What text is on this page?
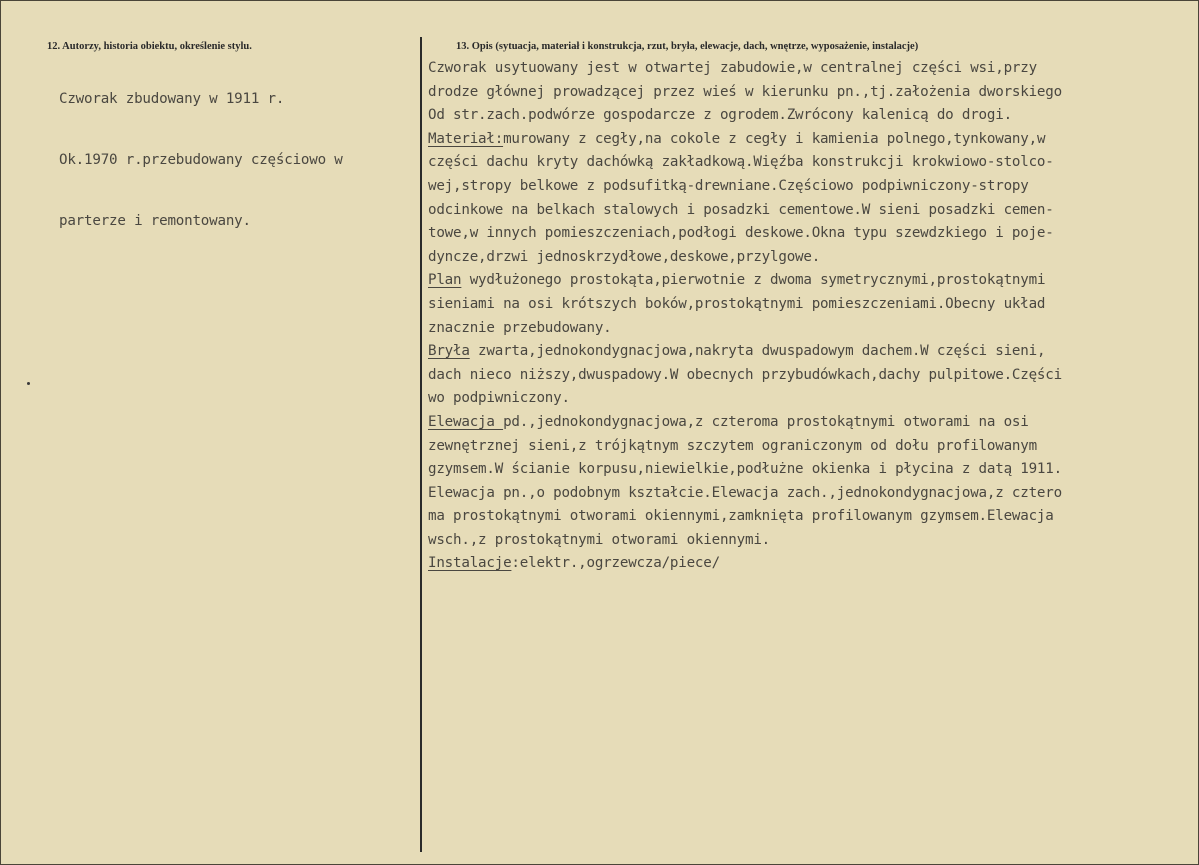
12. Autorzy, historia obiektu, określenie stylu.	13. Opis (sytuacja, materiał i konstrukcja, rzut, bryła, elewacje, dach, wnętrze, wyposażenie, instalacje)

Czworak zbudowany w 1911 r.

Ok.1970 r.przebudowany częściowo w

parterze i remontowany.

Czworak usytuowany jest w otwartej zabudowie,w centralnej części wsi,przy
drodze głównej prowadzącej przez wieś w kierunku pn.,tj.założenia dworskiego
Od str.zach.podwórze gospodarcze z ogrodem.Zwrócony kalenicą do drogi.
Materiał:murowany z cegły,na cokole z cegły i kamienia polnego,tynkowany,w
części dachu kryty dachówką zakładkową.Więźba konstrukcji krokwiowo-stolco-
wej,stropy belkowe z podsufitką-drewniane.Częściowo podpiwniczony-stropy
odcinkowe na belkach stalowych i posadzki cementowe.W sieni posadzki cemen-
towe,w innych pomieszczeniach,podłogi deskowe.Okna typu szewdzkiego i poje-
dyncze,drzwi jednoskrzydłowe,deskowe,przylgowe.
Plan wydłużonego prostokąta,pierwotnie z dwoma symetrycznymi,prostokątnymi
sieniami na osi krótszych boków,prostokątnymi pomieszczeniami.Obecny układ
znacznie przebudowany.
Bryła zwarta,jednokondygnacjowa,nakryta dwuspadowym dachem.W części sieni,
dach nieco niższy,dwuspadowy.W obecnych przybudówkach,dachy pulpitowe.Części
wo podpiwniczony.
Elewacja pd.,jednokondygnacjowa,z czteroma prostokątnymi otworami na osi
zewnętrznej sieni,z trójkątnym szczytem ograniczonym od dołu profilowanym
gzymsem.W ścianie korpusu,niewielkie,podłużne okienka i płycina z datą 1911.
Elewacja pn.,o podobnym kształcie.Elewacja zach.,jednokondygnacjowa,z cztero
ma prostokątnymi otworami okiennymi,zamknięta profilowanym gzymsem.Elewacja
wsch.,z prostokątnymi otworami okiennymi.
Instalacje:elektr.,ogrzewcza/piece/
